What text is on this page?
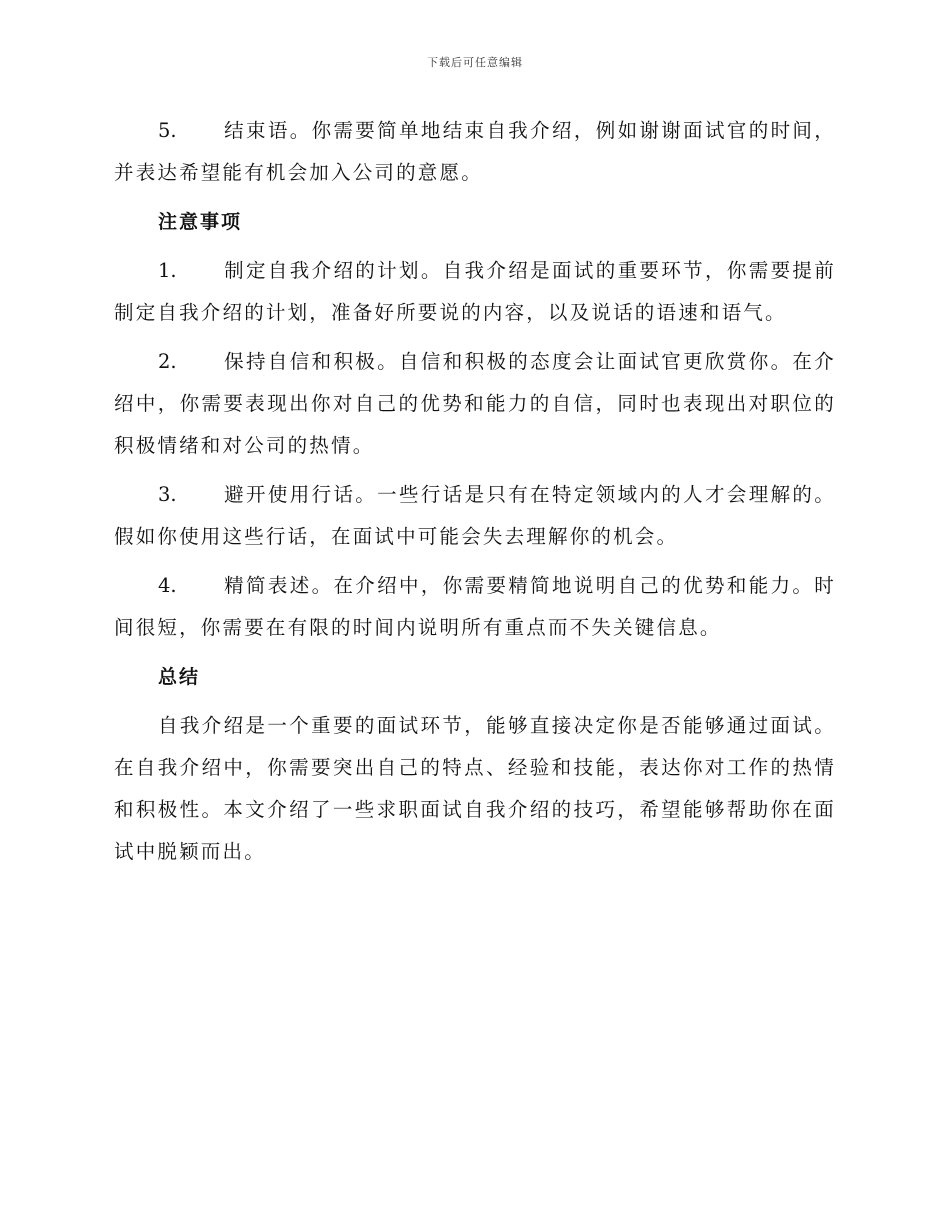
下载后可任意编辑

5. 结束语。你需要简单地结束自我介绍，例如谢谢面试官的时间，并表达希望能有机会加入公司的意愿。

注意事项

1. 制定自我介绍的计划。自我介绍是面试的重要环节，你需要提前制定自我介绍的计划，准备好所要说的内容，以及说话的语速和语气。

2. 保持自信和积极。自信和积极的态度会让面试官更欣赏你。在介绍中，你需要表现出你对自己的优势和能力的自信，同时也表现出对职位的积极情绪和对公司的热情。

3. 避开使用行话。一些行话是只有在特定领域内的人才会理解的。假如你使用这些行话，在面试中可能会失去理解你的机会。

4. 精简表述。在介绍中，你需要精简地说明自己的优势和能力。时间很短，你需要在有限的时间内说明所有重点而不失关键信息。

总结

自我介绍是一个重要的面试环节，能够直接决定你是否能够通过面试。在自我介绍中，你需要突出自己的特点、经验和技能，表达你对工作的热情和积极性。本文介绍了一些求职面试自我介绍的技巧，希望能够帮助你在面试中脱颖而出。
